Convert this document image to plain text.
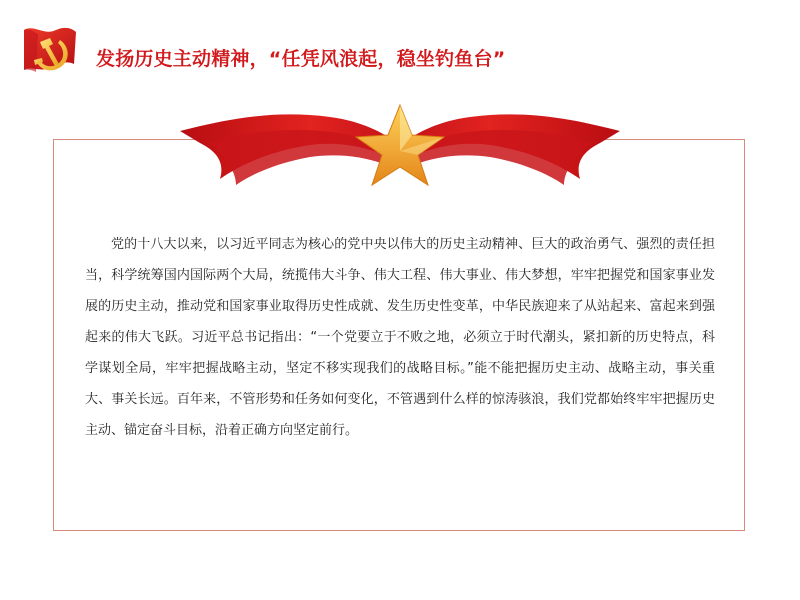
发扬历史主动精神，“任凭风浪起，稳坐钓鱼台”

党的十八大以来，以习近平同志为核心的党中央以伟大的历史主动精神、巨大的政治勇气、强烈的责任担当，科学统筹国内国际两个大局，统揽伟大斗争、伟大工程、伟大事业、伟大梦想，牢牢把握党和国家事业发展的历史主动，推动党和国家事业取得历史性成就、发生历史性变革，中华民族迎来了从站起来、富起来到强起来的伟大飞跃。习近平总书记指出：“一个党要立于不败之地，必须立于时代潮头，紧扣新的历史特点，科学谋划全局，牢牢把握战略主动，坚定不移实现我们的战略目标。”能不能把握历史主动、战略主动，事关重大、事关长远。百年来，不管形势和任务如何变化，不管遇到什么样的惊涛骇浪，我们党都始终牢牢把握历史主动、锚定奋斗目标，沿着正确方向坚定前行。
